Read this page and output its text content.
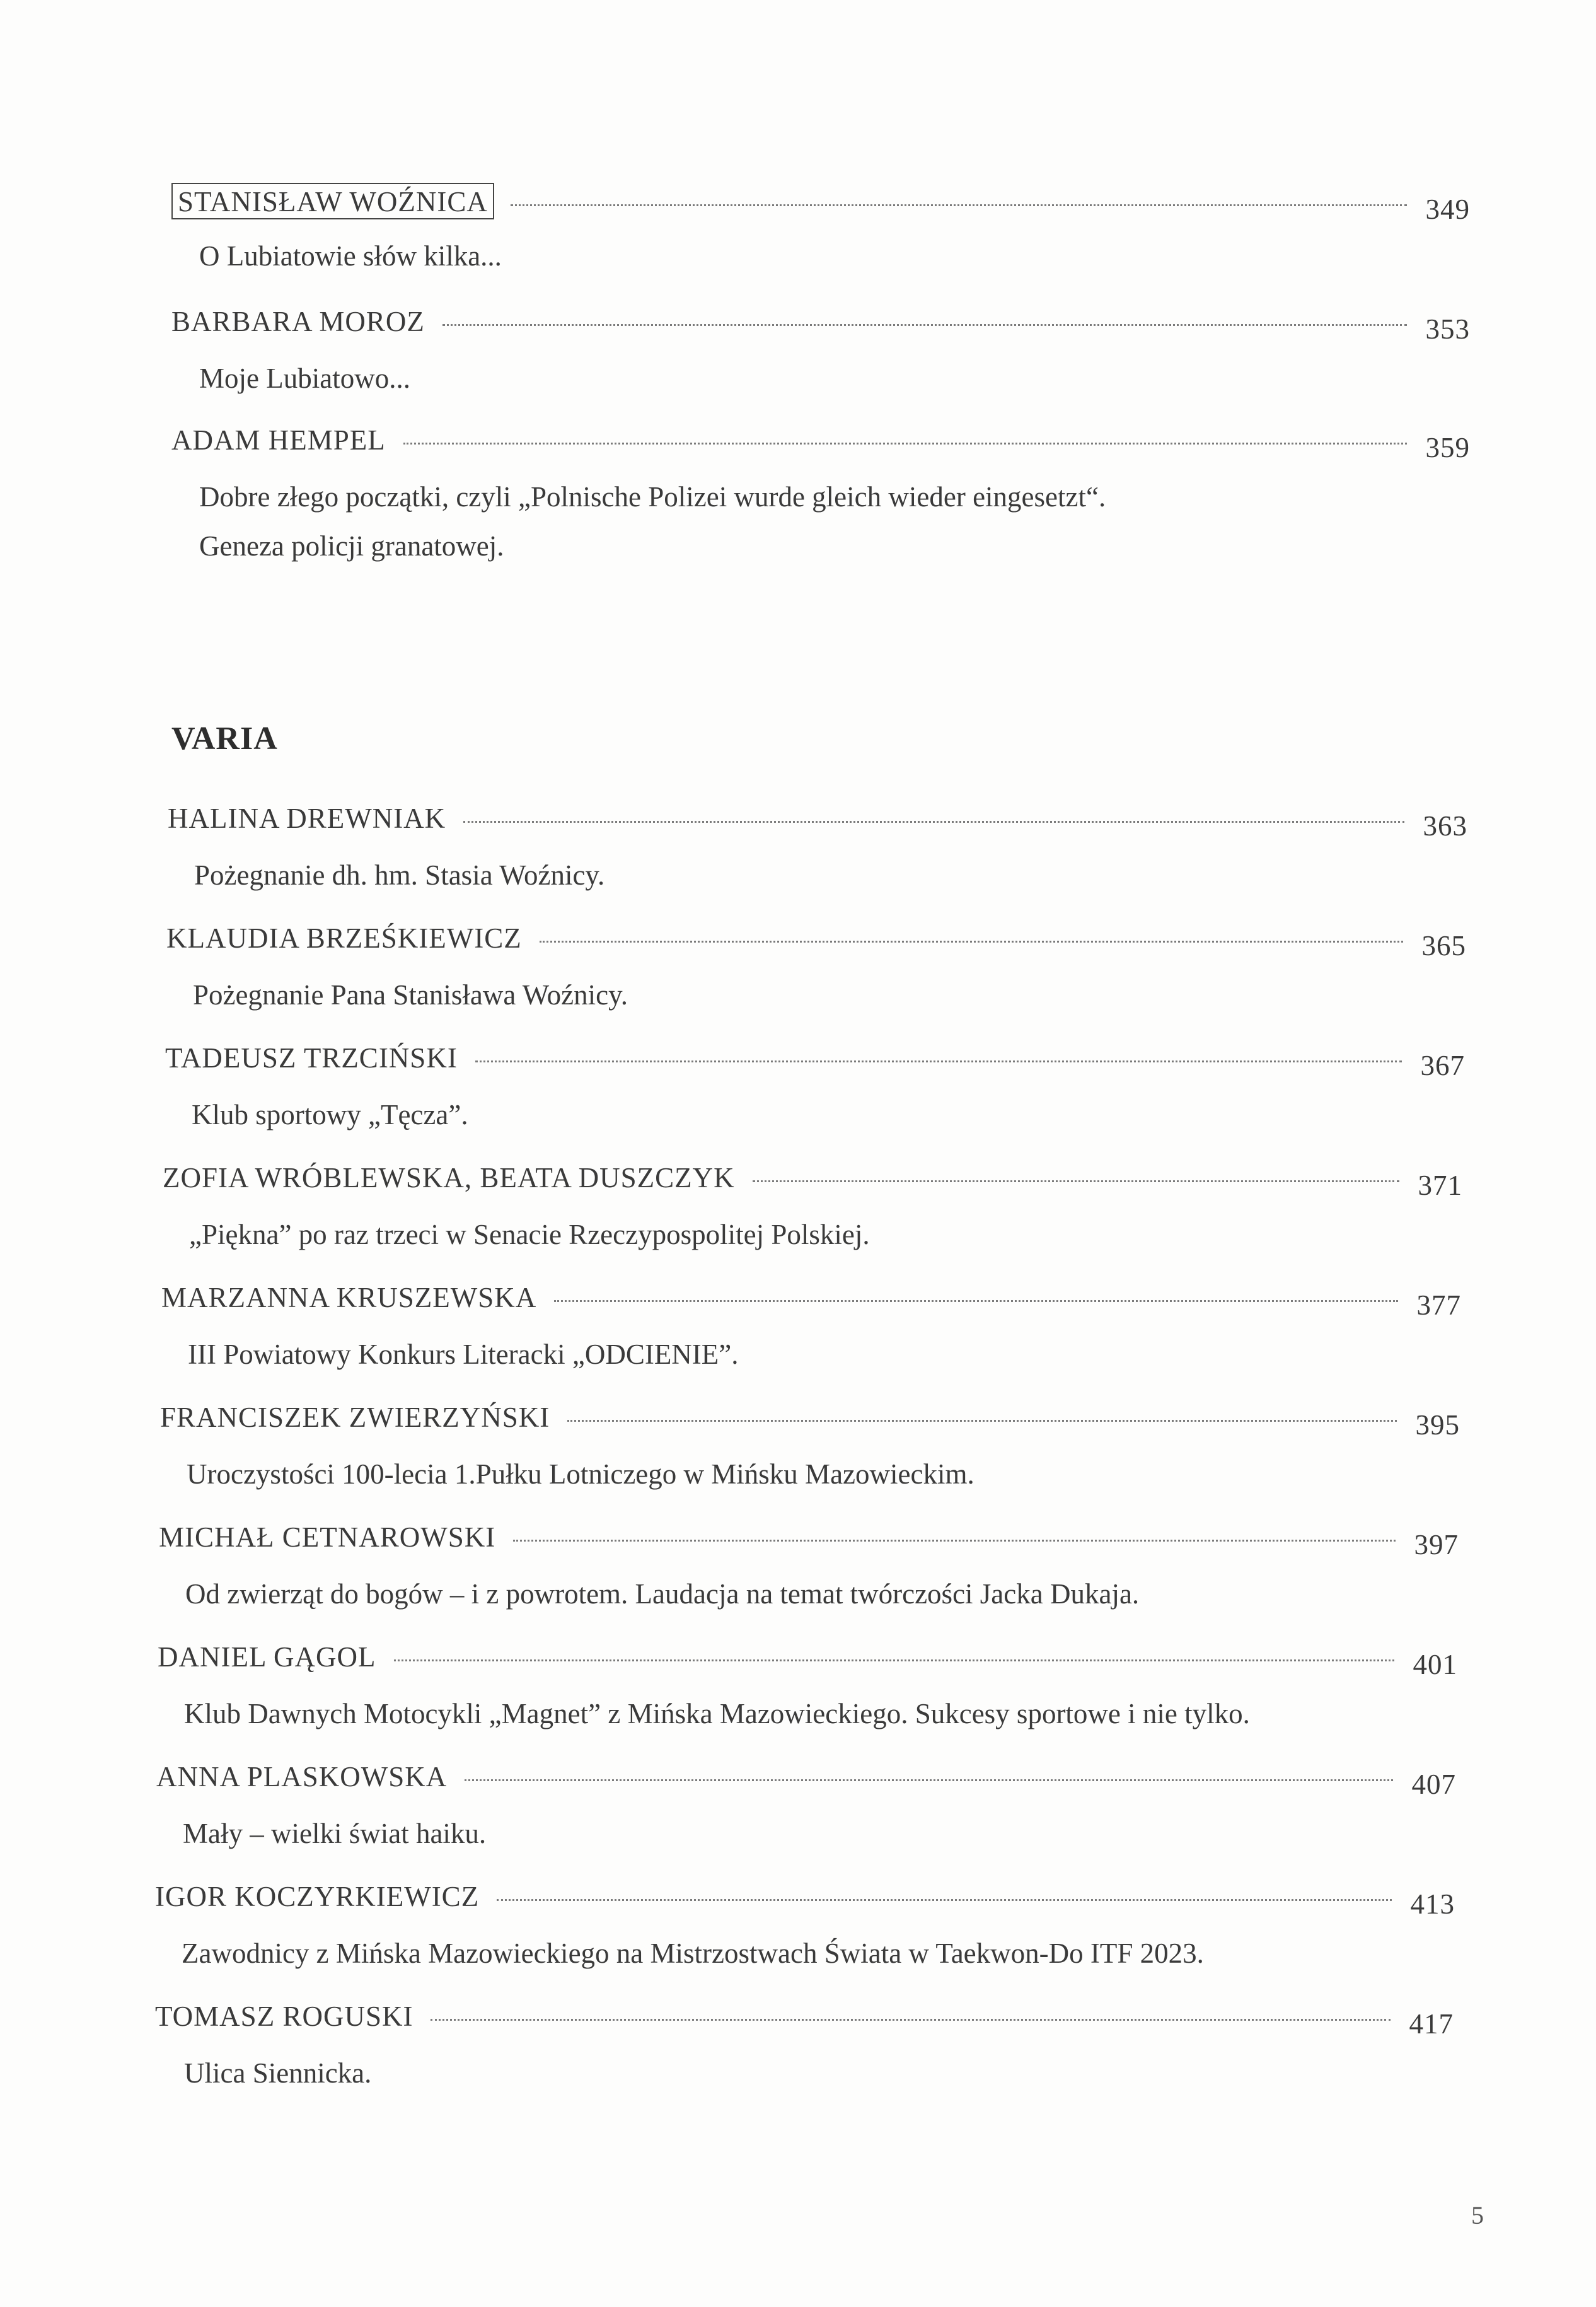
STANISŁAW WOŹNICA	349
O Lubiatowie słów kilka...
BARBARA MOROZ	353
Moje Lubiatowo...
ADAM HEMPEL	359
Dobre złego początki, czyli „Polnische Polizei wurde gleich wieder eingesetzt“.
Geneza policji granatowej.
VARIA
HALINA DREWNIAK	363
Pożegnanie dh. hm. Stasia Woźnicy.
KLAUDIA BRZEŚKIEWICZ	365
Pożegnanie Pana Stanisława Woźnicy.
TADEUSZ TRZCIŃSKI	367
Klub sportowy „Tęcza”.
ZOFIA WRÓBLEWSKA, BEATA DUSZCZYK	371
„Piękna” po raz trzeci w Senacie Rzeczypospolitej Polskiej.
MARZANNA KRUSZEWSKA	377
III Powiatowy Konkurs Literacki „ODCIENIE”.
FRANCISZEK ZWIERZYŃSKI	395
Uroczystości 100-lecia 1.Pułku Lotniczego w Mińsku Mazowieckim.
MICHAŁ CETNAROWSKI	397
Od zwierząt do bogów – i z powrotem. Laudacja na temat twórczości Jacka Dukaja.
DANIEL GĄGOL	401
Klub Dawnych Motocykli „Magnet” z Mińska Mazowieckiego. Sukcesy sportowe i nie tylko.
ANNA PLASKOWSKA	407
Mały – wielki świat haiku.
IGOR KOCZYRKIEWICZ	413
Zawodnicy z Mińska Mazowieckiego na Mistrzostwach Świata w Taekwon-Do ITF 2023.
TOMASZ ROGUSKI	417
Ulica Siennicka.
5
